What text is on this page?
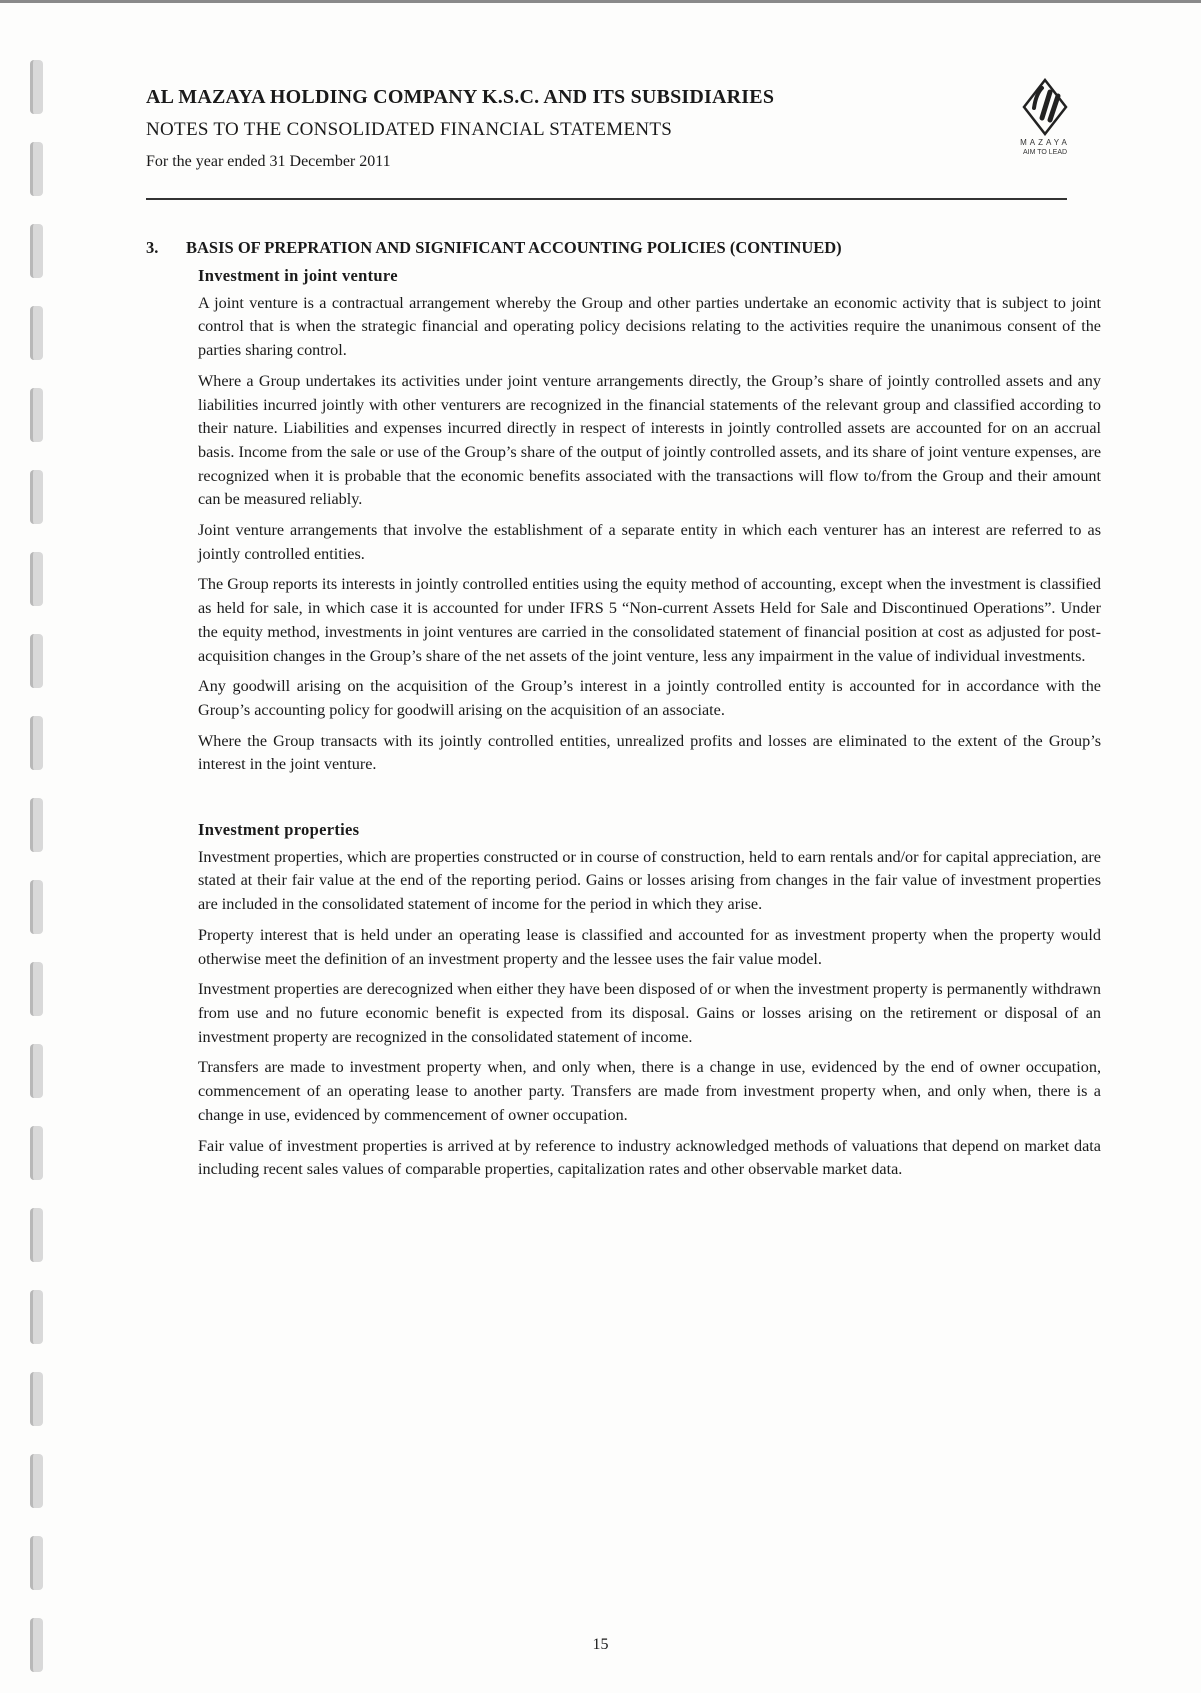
AL MAZAYA HOLDING COMPANY K.S.C. AND ITS SUBSIDIARIES
NOTES TO THE CONSOLIDATED FINANCIAL STATEMENTS
For the year ended 31 December 2011
MAZAYA
AIM TO LEAD
3. BASIS OF PREPRATION AND SIGNIFICANT ACCOUNTING POLICIES (CONTINUED)
Investment in joint venture

A joint venture is a contractual arrangement whereby the Group and other parties undertake an economic activity that is subject to joint control that is when the strategic financial and operating policy decisions relating to the activities require the unanimous consent of the parties sharing control.

Where a Group undertakes its activities under joint venture arrangements directly, the Group’s share of jointly controlled assets and any liabilities incurred jointly with other venturers are recognized in the financial statements of the relevant group and classified according to their nature. Liabilities and expenses incurred directly in respect of interests in jointly controlled assets are accounted for on an accrual basis. Income from the sale or use of the Group’s share of the output of jointly controlled assets, and its share of joint venture expenses, are recognized when it is probable that the economic benefits associated with the transactions will flow to/from the Group and their amount can be measured reliably.

Joint venture arrangements that involve the establishment of a separate entity in which each venturer has an interest are referred to as jointly controlled entities.

The Group reports its interests in jointly controlled entities using the equity method of accounting, except when the investment is classified as held for sale, in which case it is accounted for under IFRS 5 “Non-current Assets Held for Sale and Discontinued Operations”. Under the equity method, investments in joint ventures are carried in the consolidated statement of financial position at cost as adjusted for post-acquisition changes in the Group’s share of the net assets of the joint venture, less any impairment in the value of individual investments.

Any goodwill arising on the acquisition of the Group’s interest in a jointly controlled entity is accounted for in accordance with the Group’s accounting policy for goodwill arising on the acquisition of an associate.

Where the Group transacts with its jointly controlled entities, unrealized profits and losses are eliminated to the extent of the Group’s interest in the joint venture.

Investment properties

Investment properties, which are properties constructed or in course of construction, held to earn rentals and/or for capital appreciation, are stated at their fair value at the end of the reporting period. Gains or losses arising from changes in the fair value of investment properties are included in the consolidated statement of income for the period in which they arise.

Property interest that is held under an operating lease is classified and accounted for as investment property when the property would otherwise meet the definition of an investment property and the lessee uses the fair value model.

Investment properties are derecognized when either they have been disposed of or when the investment property is permanently withdrawn from use and no future economic benefit is expected from its disposal. Gains or losses arising on the retirement or disposal of an investment property are recognized in the consolidated statement of income.

Transfers are made to investment property when, and only when, there is a change in use, evidenced by the end of owner occupation, commencement of an operating lease to another party. Transfers are made from investment property when, and only when, there is a change in use, evidenced by commencement of owner occupation.

Fair value of investment properties is arrived at by reference to industry acknowledged methods of valuations that depend on market data including recent sales values of comparable properties, capitalization rates and other observable market data.

15
